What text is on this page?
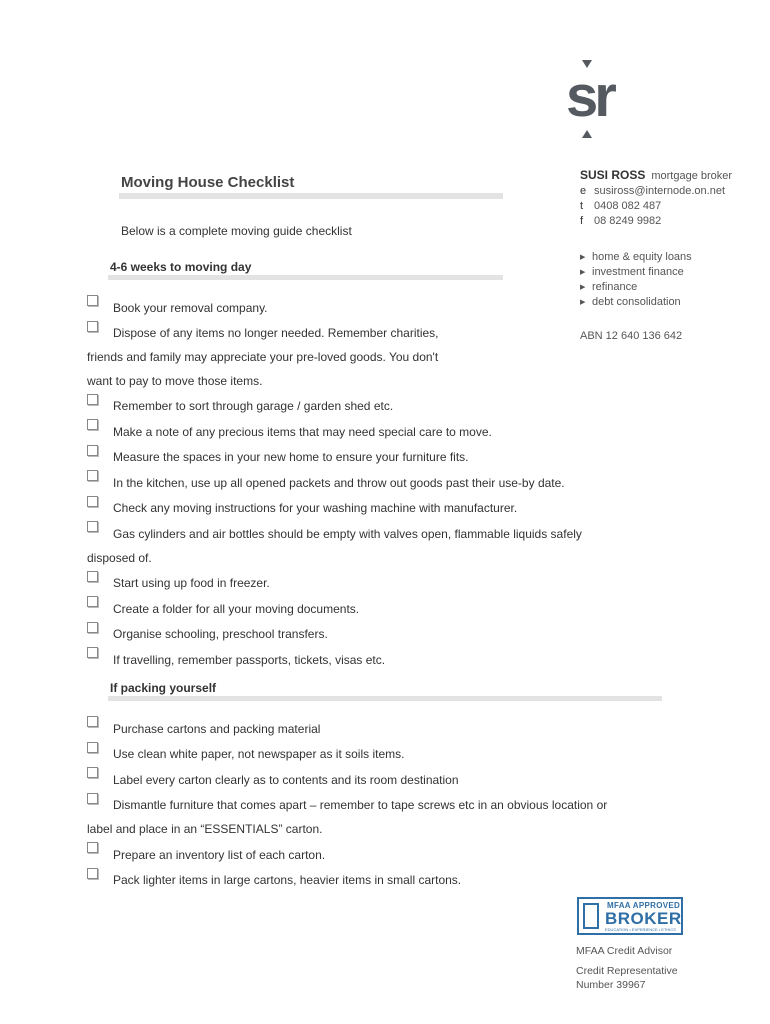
sr
SUSI ROSS mortgage broker
e susiross@internode.on.net
t 0408 082 487
f 08 8249 9982
▶ home & equity loans
▶ investment finance
▶ refinance
▶ debt consolidation
ABN 12 640 136 642
Moving House Checklist
Below is a complete moving guide checklist
4-6 weeks to moving day
Book your removal company.
Dispose of any items no longer needed. Remember charities,
friends and family may appreciate your pre-loved goods. You don't
want to pay to move those items.
Remember to sort through garage / garden shed etc.
Make a note of any precious items that may need special care to move.
Measure the spaces in your new home to ensure your furniture fits.
In the kitchen, use up all opened packets and throw out goods past their use-by date.
Check any moving instructions for your washing machine with manufacturer.
Gas cylinders and air bottles should be empty with valves open, flammable liquids safely
disposed of.
Start using up food in freezer.
Create a folder for all your moving documents.
Organise schooling, preschool transfers.
If travelling, remember passports, tickets, visas etc.
If packing yourself
Purchase cartons and packing material
Use clean white paper, not newspaper as it soils items.
Label every carton clearly as to contents and its room destination
Dismantle furniture that comes apart – remember to tape screws etc in an obvious location or
label and place in an “ESSENTIALS” carton.
Prepare an inventory list of each carton.
Pack lighter items in large cartons, heavier items in small cartons.
MFAA APPROVED
BROKER
EDUCATION • EXPERIENCE • ETHICS
MFAA Credit Advisor
Credit Representative
Number 39967
